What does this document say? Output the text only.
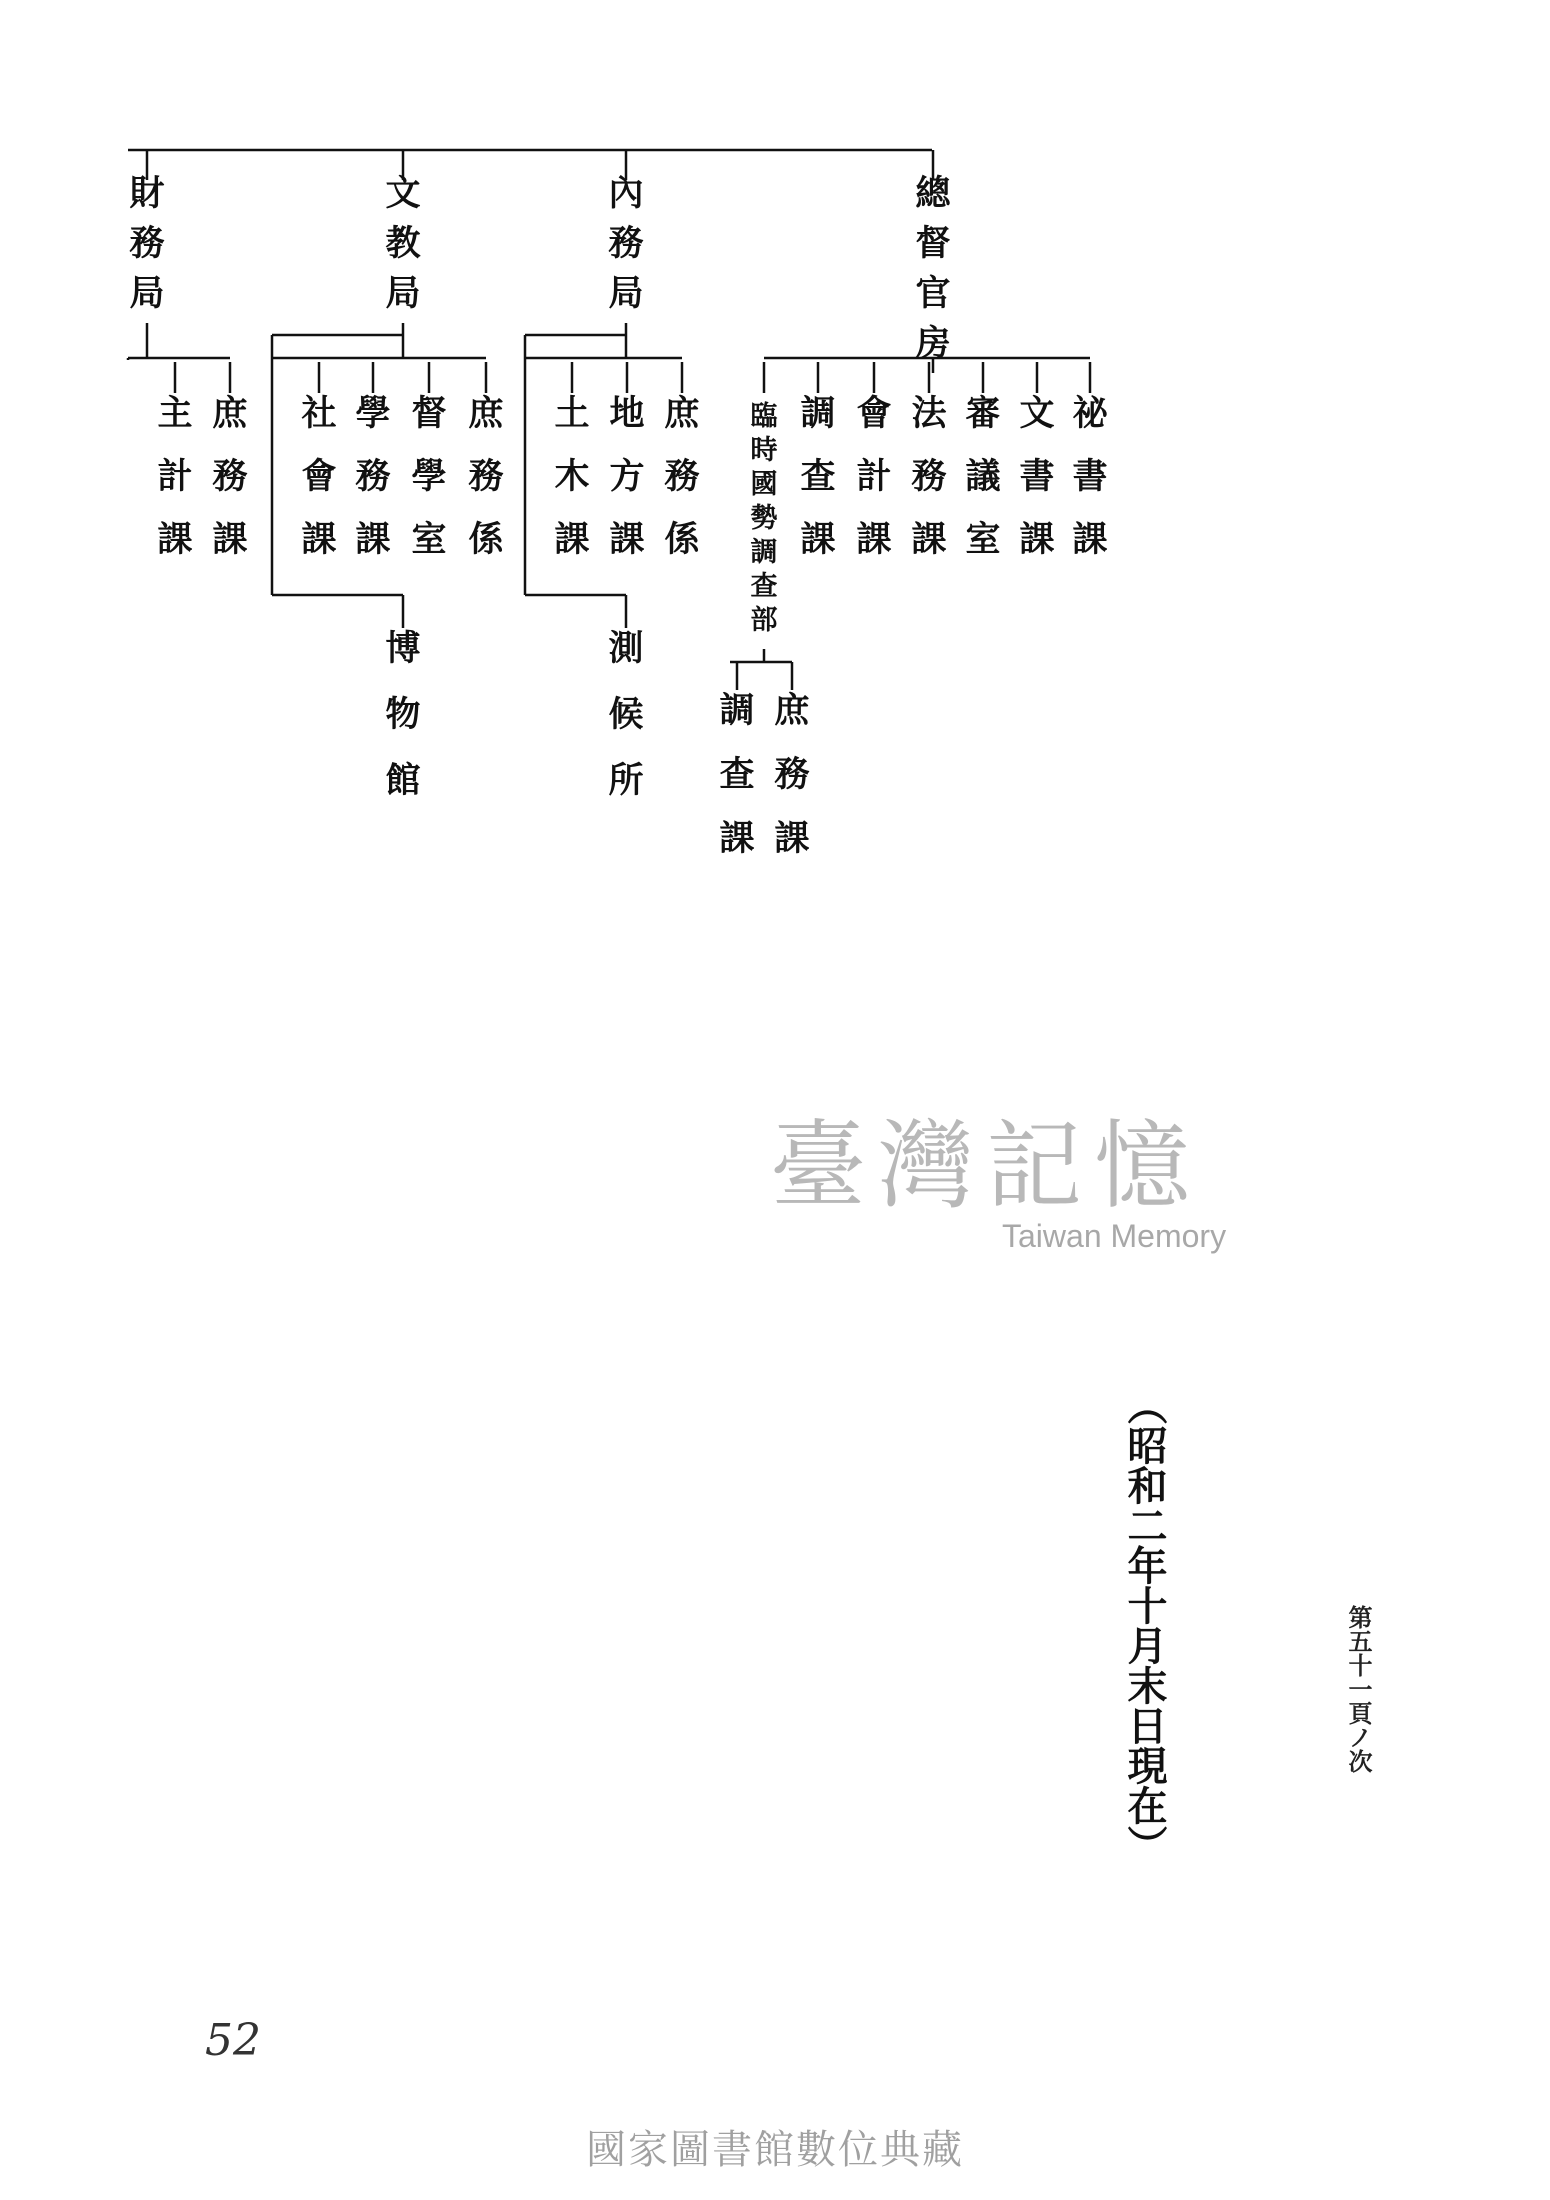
財務局
庶務課
主計課
文教局
庶務係
督學室
學務課
社會課
博物館
內務局
庶務係
地方課
土木課
測候所
總督官房
祕書課
文書課
審議室
法務課
會計課
調查課
臨時國勢調查部
庶務課
調查課
臺灣記憶
Taiwan Memory
（昭和二年十月末日現在）	第五十一頁ノ次
52
國家圖書館數位典藏
